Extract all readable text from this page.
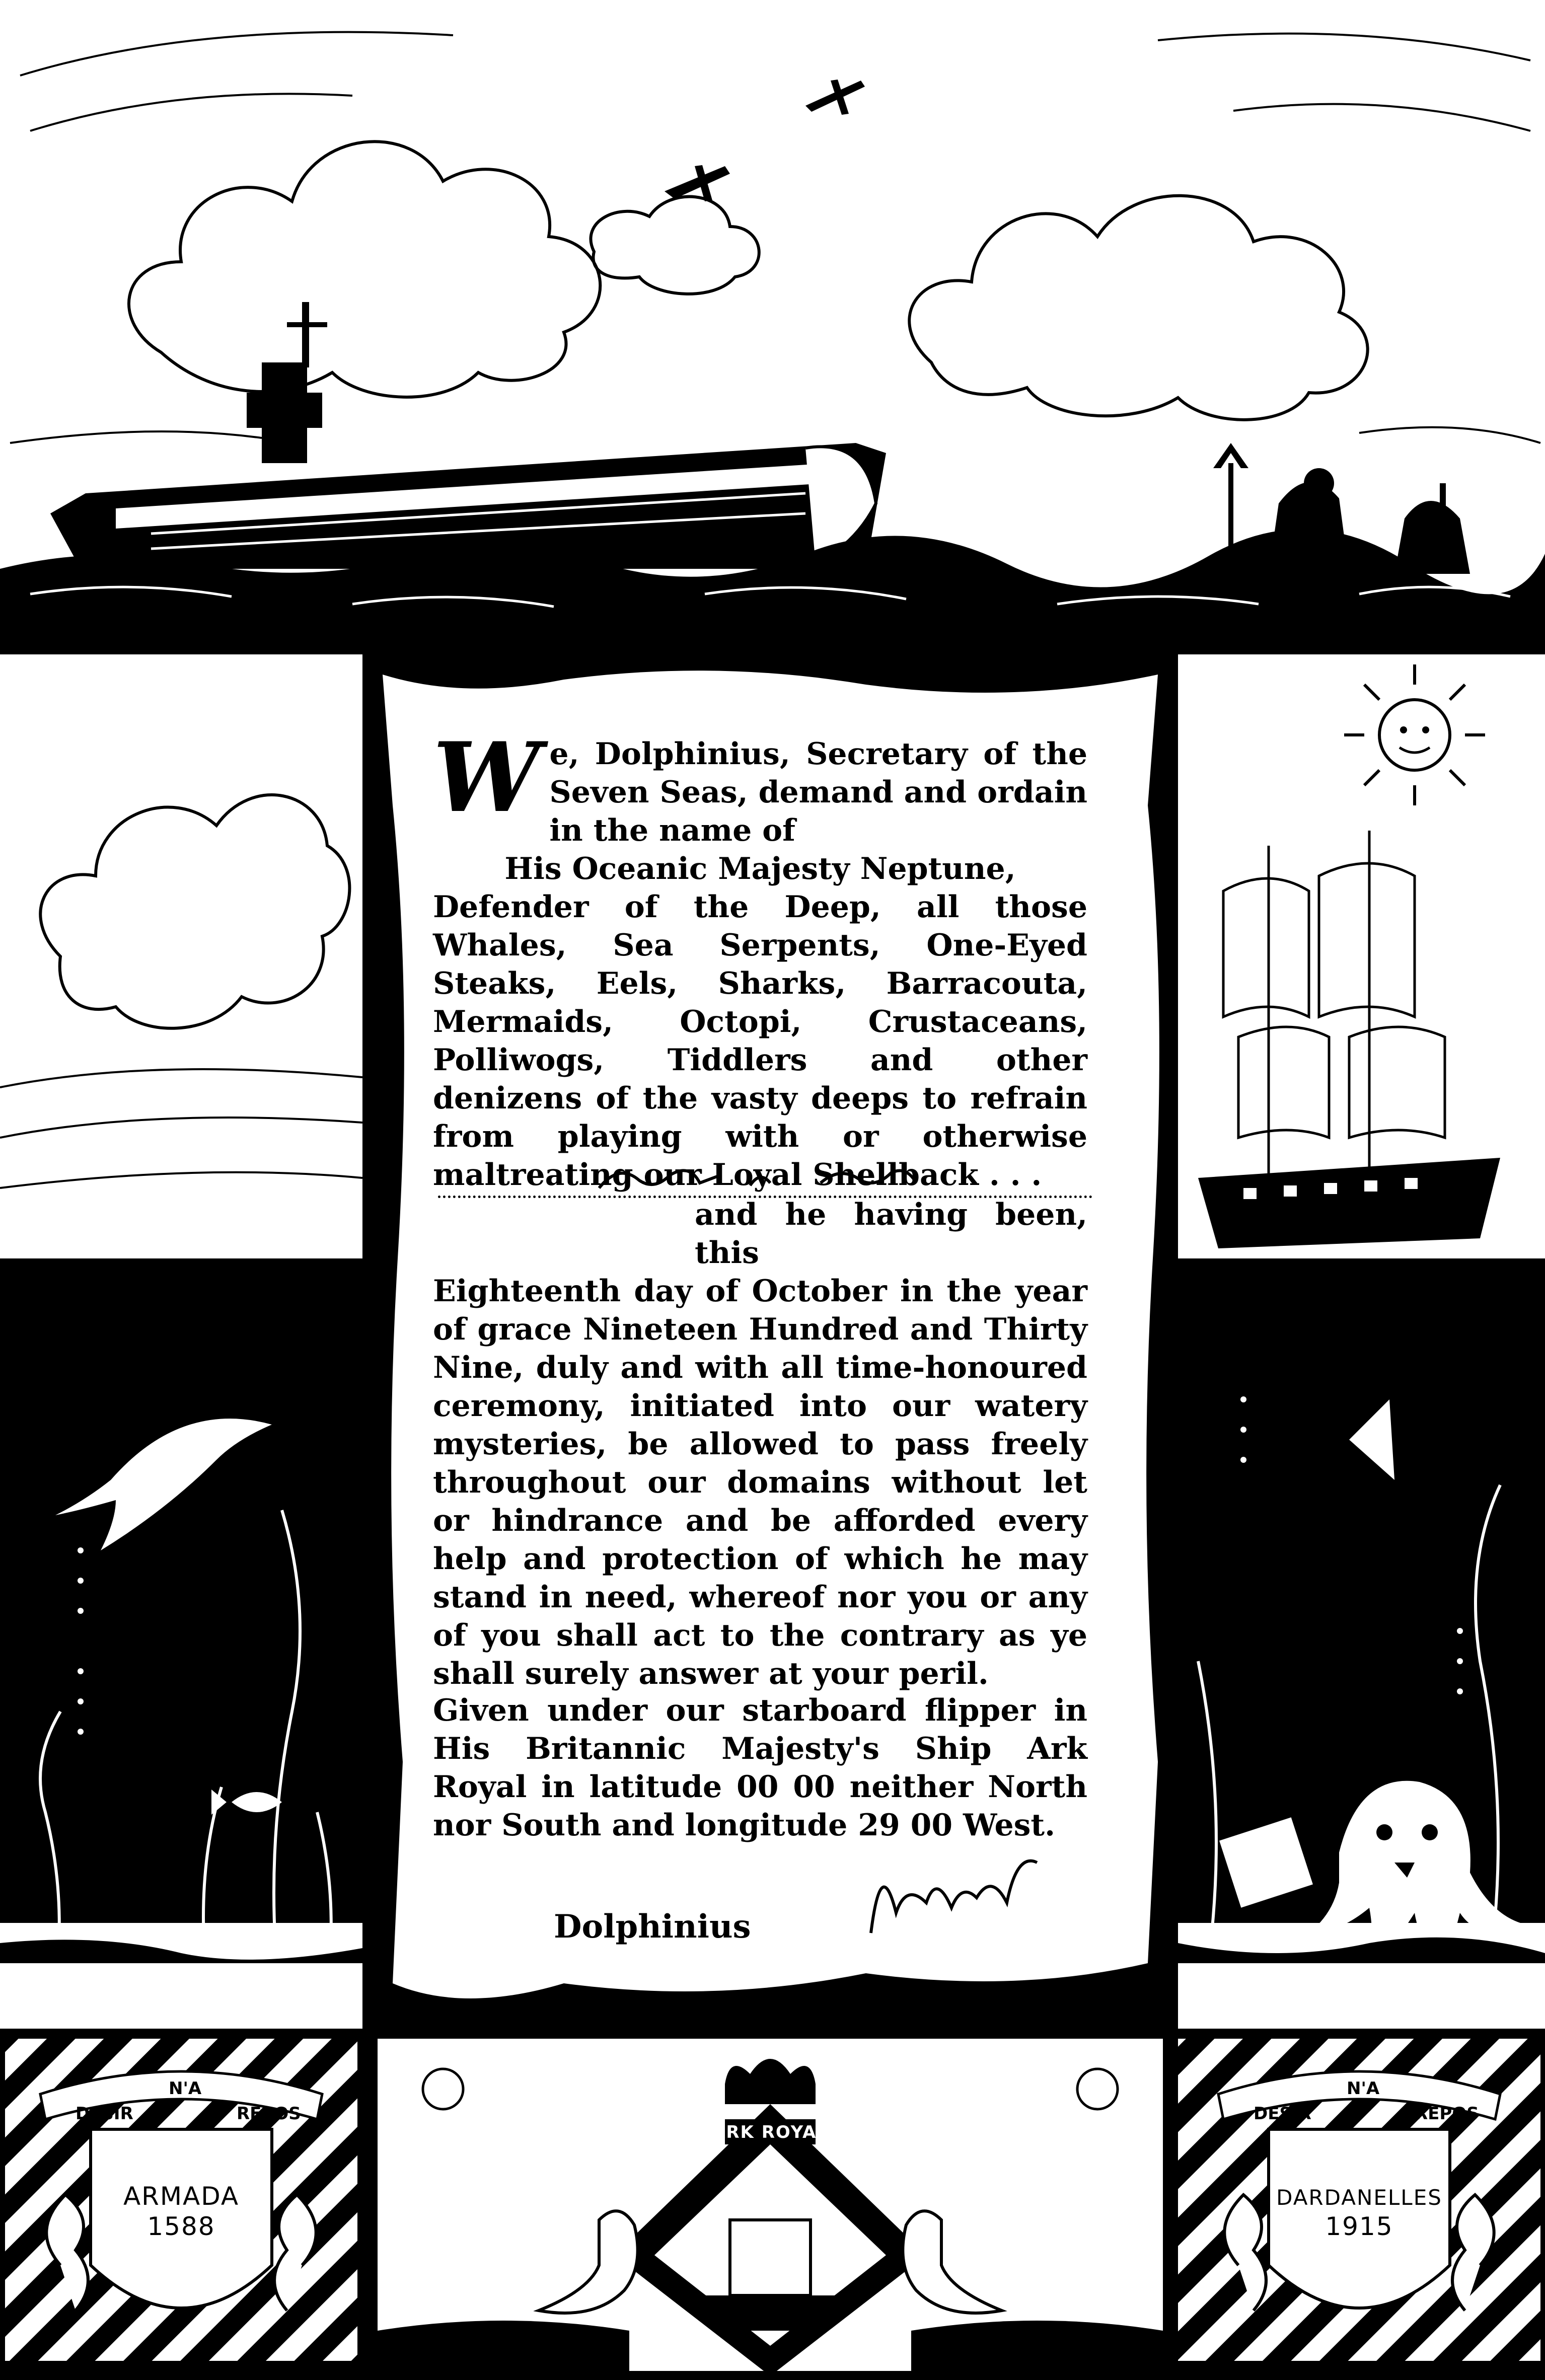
W e, Dolphinius, Secretary of the Seven Seas, demand and ordain in the name of
His Oceanic Majesty Neptune,
Defender of the Deep, all those Whales, Sea Serpents, One-Eyed Steaks, Eels, Sharks, Barracouta, Mermaids, Octopi, Crustaceans, Polliwogs, Tiddlers and other denizens of the vasty deeps to refrain from playing with or otherwise maltreating our Loyal Shellback . . .

and he having been, this
Eighteenth day of October in the year of grace Nineteen Hundred and Thirty Nine, duly and with all time-honoured ceremony, initiated into our watery mysteries, be allowed to pass freely throughout our domains without let or hindrance and be afforded every help and protection of which he may stand in need, whereof nor you or any of you shall act to the contrary as ye shall surely answer at your peril.
Given under our starboard flipper in His Britannic Majesty's Ship Ark Royal in latitude 00 00 neither North nor South and longitude 29 00 West.
Dolphinius
DESIR
N'A
REPOS
ARMADA
1588
ARK ROYAL
DESIR
N'A
REPOS
DARDANELLES
1915
